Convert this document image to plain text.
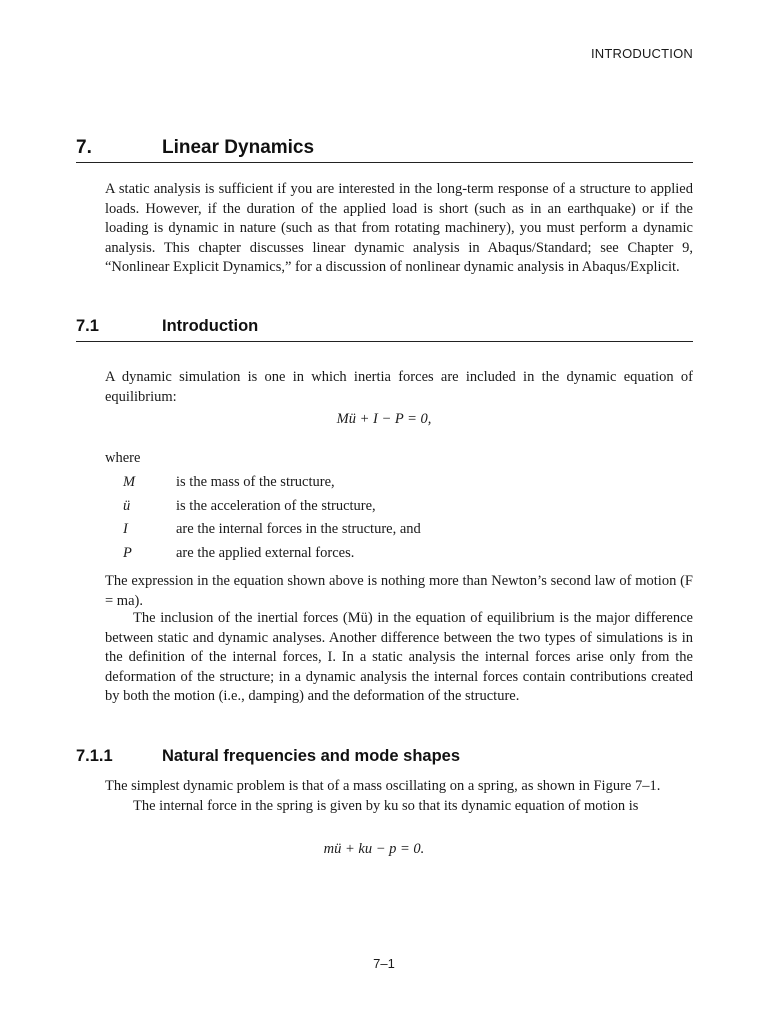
INTRODUCTION
7.	Linear Dynamics

A static analysis is sufficient if you are interested in the long-term response of a structure to applied loads. However, if the duration of the applied load is short (such as in an earthquake) or if the loading is dynamic in nature (such as that from rotating machinery), you must perform a dynamic analysis. This chapter discusses linear dynamic analysis in Abaqus/Standard; see Chapter 9, “Nonlinear Explicit Dynamics,” for a discussion of nonlinear dynamic analysis in Abaqus/Explicit.

7.1	Introduction

A dynamic simulation is one in which inertia forces are included in the dynamic equation of equilibrium:

Mü + I − P = 0,
where
M	is the mass of the structure,
ü	is the acceleration of the structure,
I	are the internal forces in the structure, and
P	are the applied external forces.

The expression in the equation shown above is nothing more than Newton’s second law of motion (F = ma).

The inclusion of the inertial forces (Mü) in the equation of equilibrium is the major difference between static and dynamic analyses. Another difference between the two types of simulations is in the definition of the internal forces, I. In a static analysis the internal forces arise only from the deformation of the structure; in a dynamic analysis the internal forces contain contributions created by both the motion (i.e., damping) and the deformation of the structure.

7.1.1	Natural frequencies and mode shapes

The simplest dynamic problem is that of a mass oscillating on a spring, as shown in Figure 7–1.

The internal force in the spring is given by ku so that its dynamic equation of motion is

mü + ku − p = 0.
7–1
